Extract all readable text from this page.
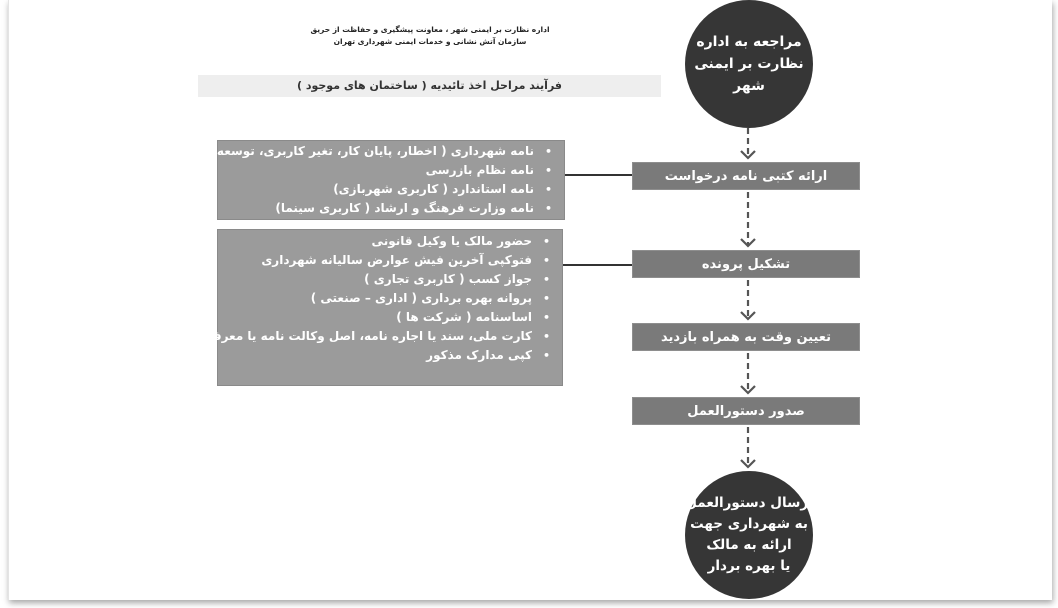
اداره نظارت بر ایمنی شهر ، معاونت پیشگیری و حفاظت از حریق
سازمان آتش نشانی و خدمات ایمنی شهرداری تهران
فرآیند مراحل اخذ تائیدیه ( ساختمان های موجود )
مراجعه به اداره
نظارت بر ایمنی شهر
ارائه کتبی نامه درخواست
تشکیل پرونده
تعیین وقت به همراه بازدید
صدور دستورالعمل
ارسال دستورالعمل
به شهرداری جهت
ارائه به مالک
یا بهره بردار
• نامه شهرداری ( اخطار، پایان کار، تغیر کاربری، توسعه بنا
• نامه نظام بازرسی
• نامه استاندارد ( کاربری شهربازی)
• نامه وزارت فرهنگ و ارشاد ( کاربری سینما)
• حضور مالک یا وکیل قانونی
• فتوکپی آخرین فیش عوارض سالیانه شهرداری
• جواز کسب ( کاربری تجاری )
• پروانه بهره برداری ( اداری – صنعتی )
• اساسنامه ( شرکت ها )
• کارت ملی، سند یا اجاره نامه، اصل وکالت نامه یا معرفی نامه
• کپی مدارک مذکور
